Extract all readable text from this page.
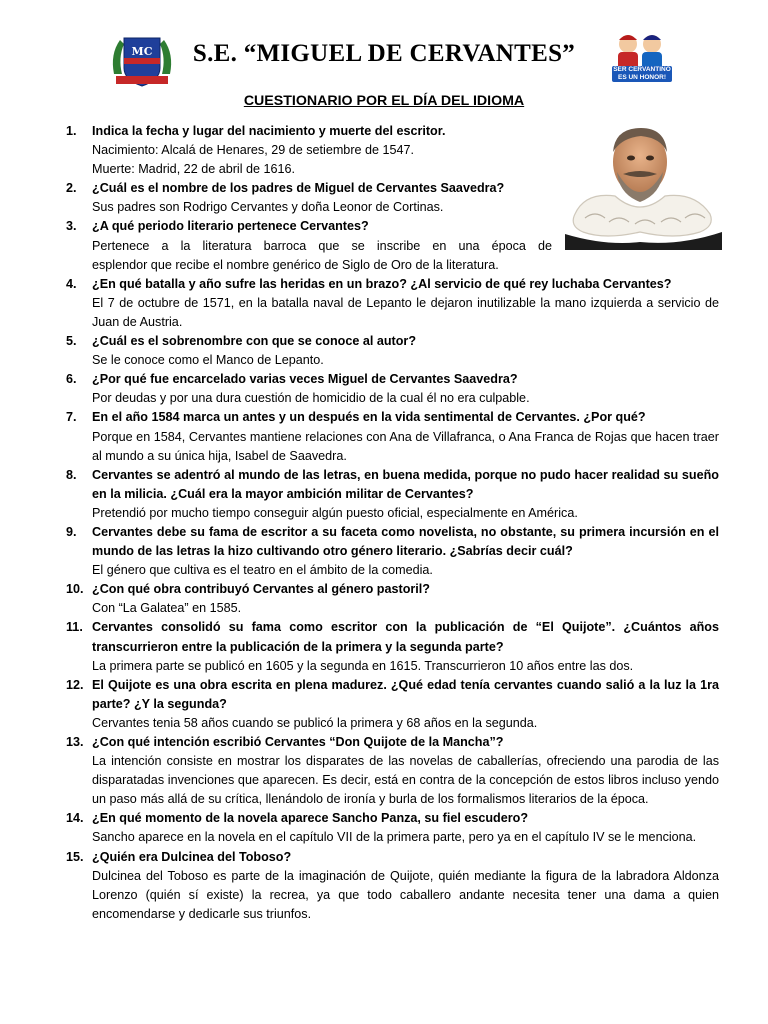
MC	S.E. “MIGUEL DE CERVANTES”
SER CERVANTINO ES UN HONOR!
CUESTIONARIO POR EL DÍA DEL IDIOMA
1. Indica la fecha y lugar del nacimiento y muerte del escritor.
Nacimiento: Alcalá de Henares, 29 de setiembre de 1547.
Muerte: Madrid, 22 de abril de 1616.
2. ¿Cuál es el nombre de los padres de Miguel de Cervantes Saavedra?
Sus padres son Rodrigo Cervantes y doña Leonor de Cortinas.
3. ¿A qué periodo literario pertenece Cervantes?
Pertenece a la literatura barroca que se inscribe en una época de
esplendor que recibe el nombre genérico de Siglo de Oro de la literatura.
4. ¿En qué batalla y año sufre las heridas en un brazo? ¿Al servicio de qué rey luchaba Cervantes?
El 7 de octubre de 1571, en la batalla naval de Lepanto le dejaron inutilizable la mano izquierda a servicio de Juan de Austria.
5. ¿Cuál es el sobrenombre con que se conoce al autor?
Se le conoce como el Manco de Lepanto.
6. ¿Por qué fue encarcelado varias veces Miguel de Cervantes Saavedra?
Por deudas y por una dura cuestión de homicidio de la cual él no era culpable.
7. En el año 1584 marca un antes y un después en la vida sentimental de Cervantes. ¿Por qué?
Porque en 1584, Cervantes mantiene relaciones con Ana de Villafranca, o Ana Franca de Rojas que hacen traer al mundo a su única hija, Isabel de Saavedra.
8. Cervantes se adentró al mundo de las letras, en buena medida, porque no pudo hacer realidad su sueño en la milicia. ¿Cuál era la mayor ambición militar de Cervantes?
Pretendió por mucho tiempo conseguir algún puesto oficial, especialmente en América.
9. Cervantes debe su fama de escritor a su faceta como novelista, no obstante, su primera incursión en el mundo de las letras la hizo cultivando otro género literario. ¿Sabrías decir cuál?
El género que cultiva es el teatro en el ámbito de la comedia.
10. ¿Con qué obra contribuyó Cervantes al género pastoril?
Con “La Galatea” en 1585.
11. Cervantes consolidó su fama como escritor con la publicación de “El Quijote”. ¿Cuántos años transcurrieron entre la publicación de la primera y la segunda parte?
La primera parte se publicó en 1605 y la segunda en 1615. Transcurrieron 10 años entre las dos.
12. El Quijote es una obra escrita en plena madurez. ¿Qué edad tenía cervantes cuando salió a la luz la 1ra parte? ¿Y la segunda?
Cervantes tenia 58 años cuando se publicó la primera y 68 años en la segunda.
13. ¿Con qué intención escribió Cervantes “Don Quijote de la Mancha”?
La intención consiste en mostrar los disparates de las novelas de caballerías, ofreciendo una parodia de las disparatadas invenciones que aparecen. Es decir, está en contra de la concepción de estos libros incluso yendo un paso más allá de su crítica, llenándolo de ironía y burla de los formalismos literarios de la época.
14. ¿En qué momento de la novela aparece Sancho Panza, su fiel escudero?
Sancho aparece en la novela en el capítulo VII de la primera parte, pero ya en el capítulo IV se le menciona.
15. ¿Quién era Dulcinea del Toboso?
Dulcinea del Toboso es parte de la imaginación de Quijote, quién mediante la figura de la labradora Aldonza Lorenzo (quién sí existe) la recrea, ya que todo caballero andante necesita tener una dama a quien encomendarse y dedicarle sus triunfos.
